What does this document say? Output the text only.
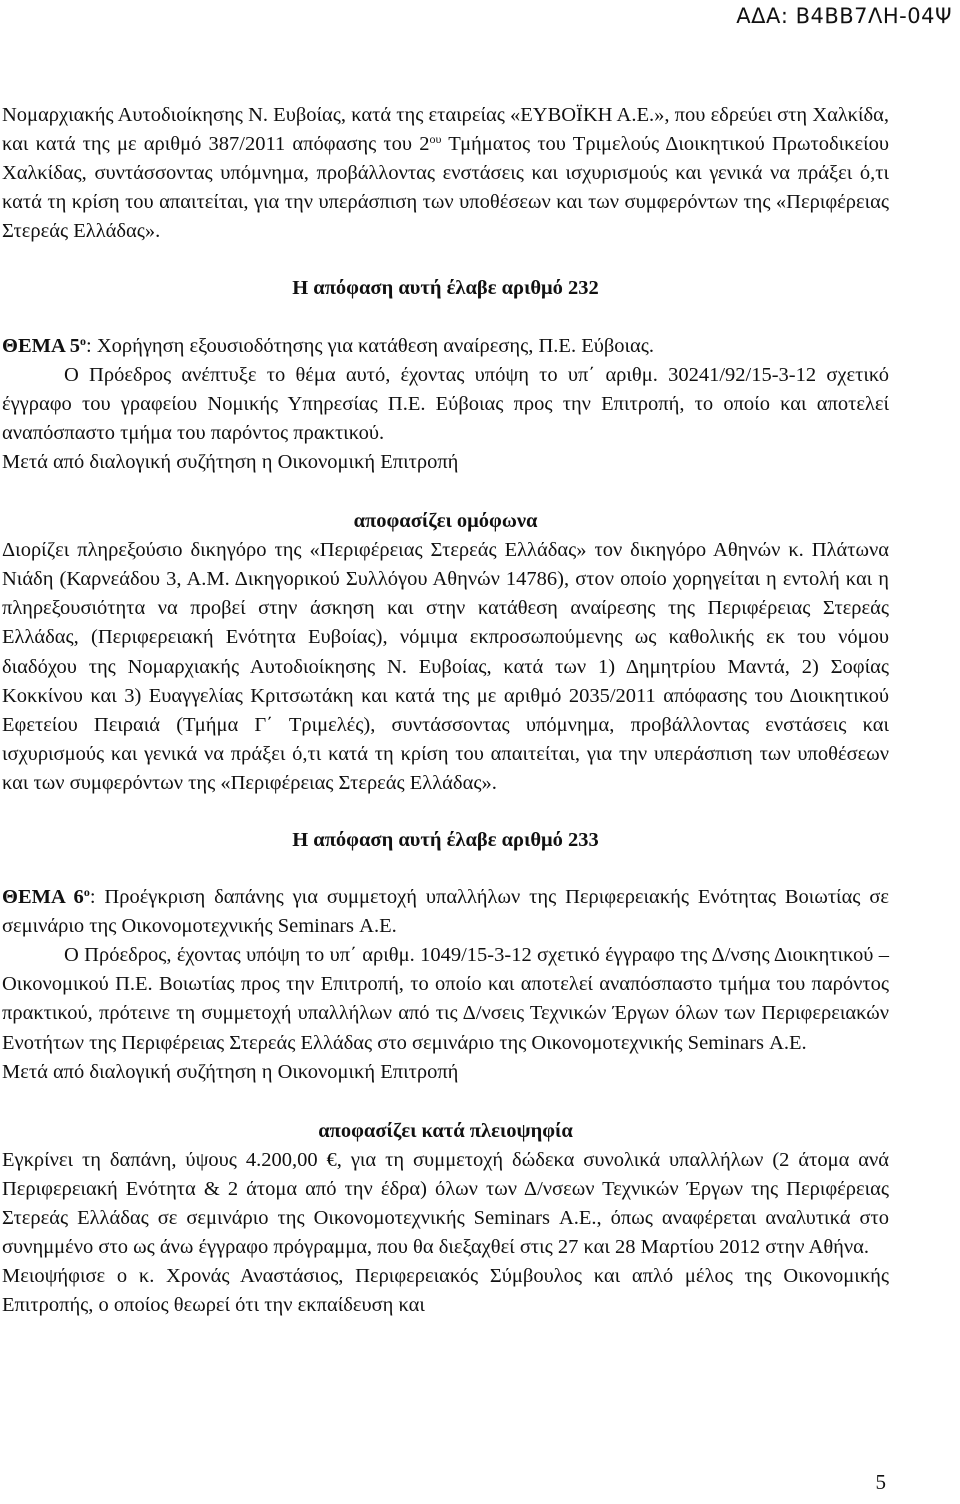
ΑΔΑ: Β4ΒΒ7ΛΗ-04Ψ

Νομαρχιακής Αυτοδιοίκησης Ν. Ευβοίας, κατά της εταιρείας «ΕΥΒΟΪΚΗ Α.Ε.», που εδρεύει στη Χαλκίδα, και κατά της με αριθμό 387/2011 απόφασης του $2^{o\upsilon}$ Τμήματος του Τριμελούς Διοικητικού Πρωτοδικείου Χαλκίδας, συντάσσοντας υπόμνημα, προβάλλοντας ενστάσεις και ισχυρισμούς και γενικά να πράξει ό,τι κατά τη κρίση του απαιτείται, για την υπεράσπιση των υποθέσεων και των συμφερόντων της «Περιφέρειας Στερεάς Ελλάδας».

Η απόφαση αυτή έλαβε αριθμό 232

ΘΕΜΑ $5^o$: Χορήγηση εξουσιοδότησης για κατάθεση αναίρεσης, Π.Ε. Εύβοιας.

Ο Πρόεδρος ανέπτυξε το θέμα αυτό, έχοντας υπόψη το υπ΄ αριθμ. 30241/92/15-3-12 σχετικό έγγραφο του γραφείου Νομικής Υπηρεσίας Π.Ε. Εύβοιας προς την Επιτροπή, το οποίο και αποτελεί αναπόσπαστο τμήμα του παρόντος πρακτικού.

Μετά από διαλογική συζήτηση η Οικονομική Επιτροπή

αποφασίζει ομόφωνα

Διορίζει πληρεξούσιο δικηγόρο της «Περιφέρειας Στερεάς Ελλάδας» τον δικηγόρο Αθηνών κ. Πλάτωνα Νιάδη (Καρνεάδου 3, Α.Μ. Δικηγορικού Συλλόγου Αθηνών 14786), στον οποίο χορηγείται η εντολή και η πληρεξουσιότητα να προβεί στην άσκηση και στην κατάθεση αναίρεσης της Περιφέρειας Στερεάς Ελλάδας, (Περιφερειακή Ενότητα Ευβοίας), νόμιμα εκπροσωπούμενης ως καθολικής εκ του νόμου διαδόχου της Νομαρχιακής Αυτοδιοίκησης Ν. Ευβοίας, κατά των 1) Δημητρίου Μαντά, 2) Σοφίας Κοκκίνου και 3) Ευαγγελίας Κριτσωτάκη και κατά της με αριθμό 2035/2011 απόφασης του Διοικητικού Εφετείου Πειραιά (Τμήμα Γ΄ Τριμελές), συντάσσοντας υπόμνημα, προβάλλοντας ενστάσεις και ισχυρισμούς και γενικά να πράξει ό,τι κατά τη κρίση του απαιτείται, για την υπεράσπιση των υποθέσεων και των συμφερόντων της «Περιφέρειας Στερεάς Ελλάδας».

Η απόφαση αυτή έλαβε αριθμό 233

ΘΕΜΑ $6^o$: Προέγκριση δαπάνης για συμμετοχή υπαλλήλων της Περιφερειακής Ενότητας Βοιωτίας σε σεμινάριο της Οικονομοτεχνικής Seminars Α.Ε.

Ο Πρόεδρος, έχοντας υπόψη το υπ΄ αριθμ. 1049/15-3-12 σχετικό έγγραφο της Δ/νσης Διοικητικού – Οικονομικού Π.Ε. Βοιωτίας προς την Επιτροπή, το οποίο και αποτελεί αναπόσπαστο τμήμα του παρόντος πρακτικού, πρότεινε τη συμμετοχή υπαλλήλων από τις Δ/νσεις Τεχνικών Έργων όλων των Περιφερειακών Ενοτήτων της Περιφέρειας Στερεάς Ελλάδας στο σεμινάριο της Οικονομοτεχνικής Seminars Α.Ε.

Μετά από διαλογική συζήτηση η Οικονομική Επιτροπή

αποφασίζει κατά πλειοψηφία

Εγκρίνει τη δαπάνη, ύψους 4.200,00 €, για τη συμμετοχή δώδεκα συνολικά υπαλλήλων (2 άτομα ανά Περιφερειακή Ενότητα & 2 άτομα από την έδρα) όλων των Δ/νσεων Τεχνικών Έργων της Περιφέρειας Στερεάς Ελλάδας σε σεμινάριο της Οικονομοτεχνικής Seminars Α.Ε., όπως αναφέρεται αναλυτικά στο συνημμένο στο ως άνω έγγραφο πρόγραμμα, που θα διεξαχθεί στις 27 και 28 Μαρτίου 2012 στην Αθήνα.

Μειοψήφισε ο κ. Χρονάς Αναστάσιος, Περιφερειακός Σύμβουλος και απλό μέλος της Οικονομικής Επιτροπής, ο οποίος θεωρεί ότι την εκπαίδευση και

5
